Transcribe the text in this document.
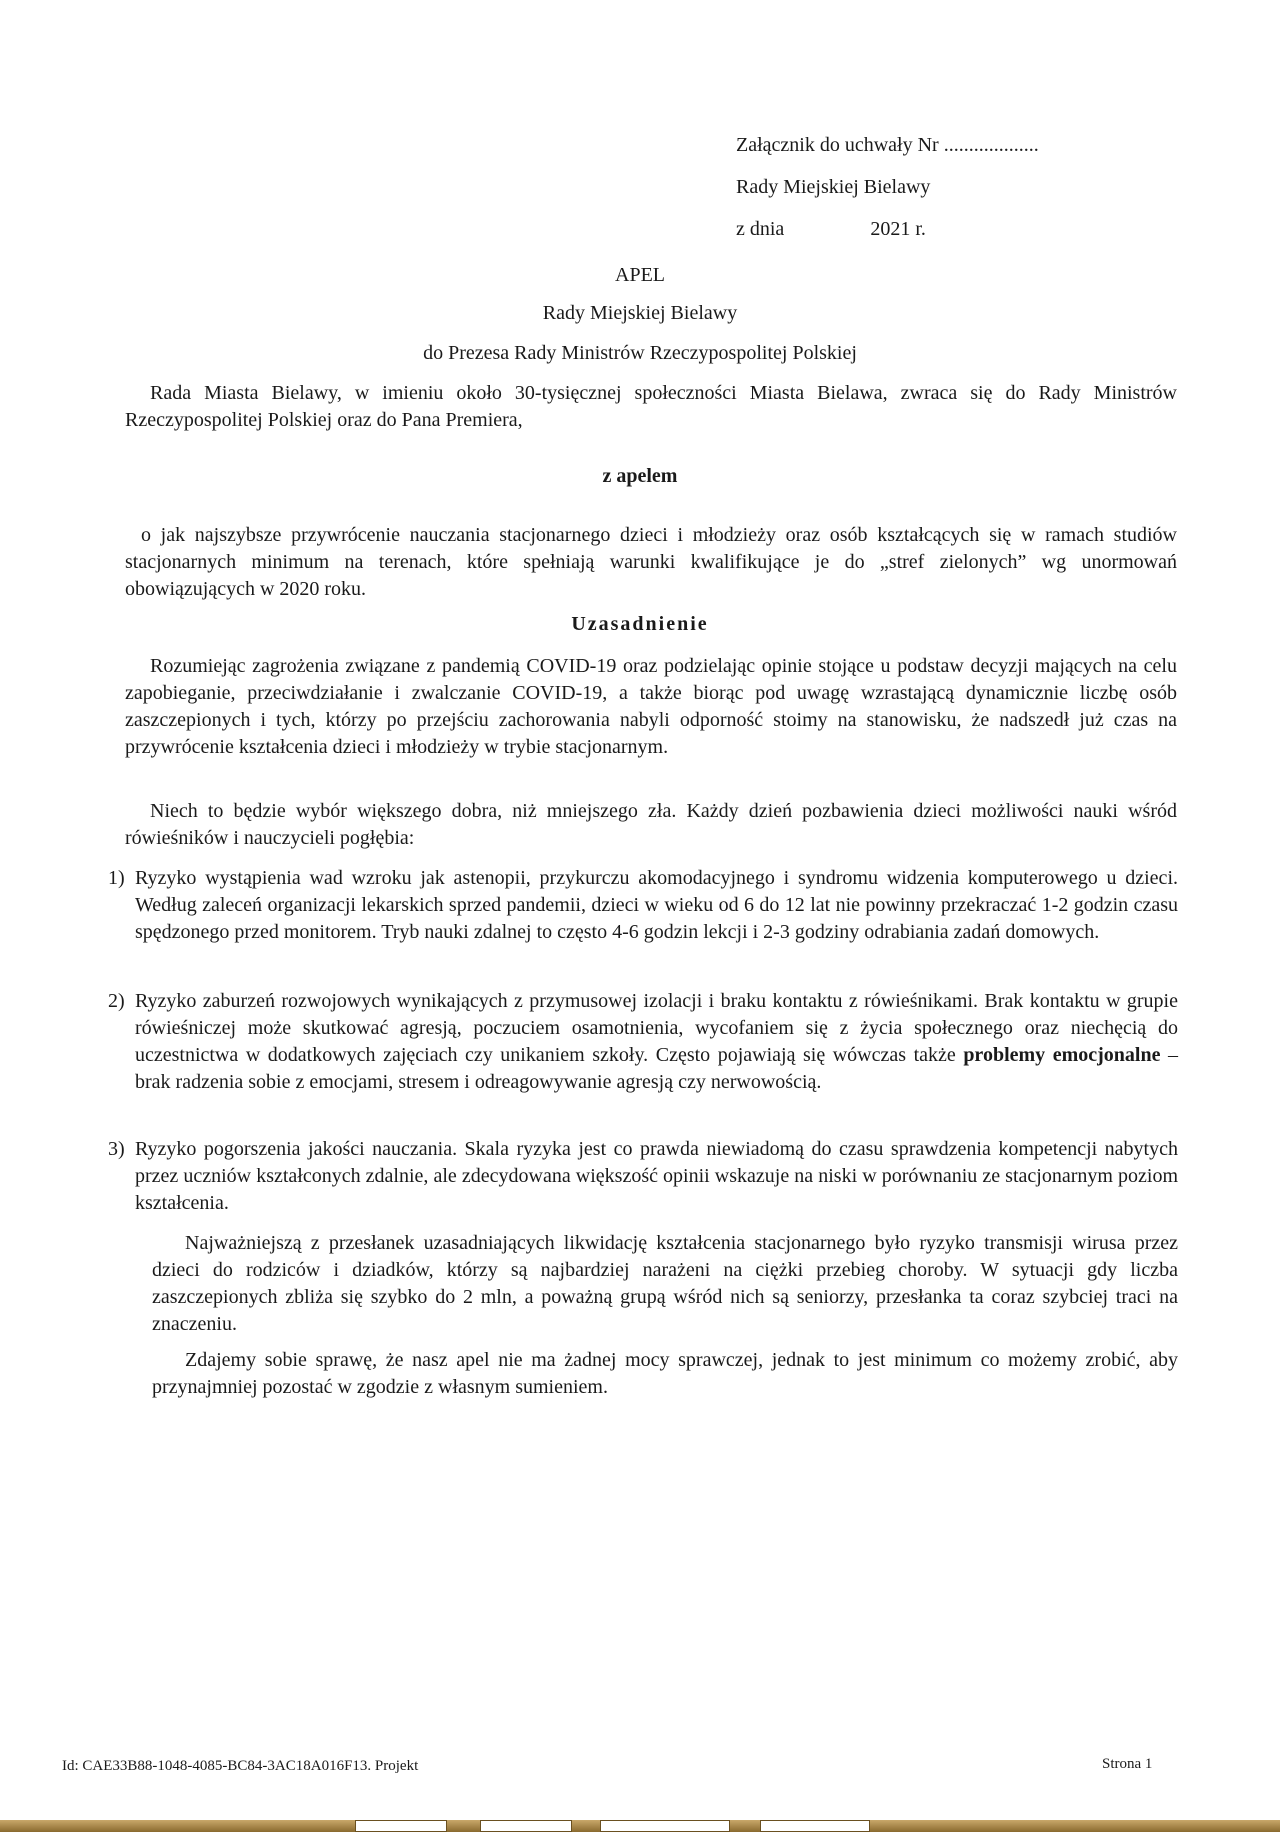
Załącznik do uchwały Nr ...................
Rady Miejskiej Bielawy
z dnia	2021 r.
APEL
Rady Miejskiej Bielawy
do Prezesa Rady Ministrów Rzeczypospolitej Polskiej

Rada Miasta Bielawy, w imieniu około 30-tysięcznej społeczności Miasta Bielawa, zwraca się do Rady Ministrów Rzeczypospolitej Polskiej oraz do Pana Premiera,

z apelem

o jak najszybsze przywrócenie nauczania stacjonarnego dzieci i młodzieży oraz osób kształcących się w ramach studiów stacjonarnych minimum na terenach, które spełniają warunki kwalifikujące je do „stref zielonych” wg unormowań obowiązujących w 2020 roku.

Uzasadnienie

Rozumiejąc zagrożenia związane z pandemią COVID-19 oraz podzielając opinie stojące u podstaw decyzji mających na celu zapobieganie, przeciwdziałanie i zwalczanie COVID-19, a także biorąc pod uwagę wzrastającą dynamicznie liczbę osób zaszczepionych i tych, którzy po przejściu zachorowania nabyli odporność stoimy na stanowisku, że nadszedł już czas na przywrócenie kształcenia dzieci i młodzieży w trybie stacjonarnym.

Niech to będzie wybór większego dobra, niż mniejszego zła. Każdy dzień pozbawienia dzieci możliwości nauki wśród rówieśników i nauczycieli pogłębia:

1) Ryzyko wystąpienia wad wzroku jak astenopii, przykurczu akomodacyjnego i syndromu widzenia komputerowego u dzieci. Według zaleceń organizacji lekarskich sprzed pandemii, dzieci w wieku od 6 do 12 lat nie powinny przekraczać 1-2 godzin czasu spędzonego przed monitorem. Tryb nauki zdalnej to często 4-6 godzin lekcji i 2-3 godziny odrabiania zadań domowych.
2) Ryzyko zaburzeń rozwojowych wynikających z przymusowej izolacji i braku kontaktu z rówieśnikami. Brak kontaktu w grupie rówieśniczej może skutkować agresją, poczuciem osamotnienia, wycofaniem się z życia społecznego oraz niechęcią do uczestnictwa w dodatkowych zajęciach czy unikaniem szkoły. Często pojawiają się wówczas także problemy emocjonalne – brak radzenia sobie z emocjami, stresem i odreagowywanie agresją czy nerwowością.
3) Ryzyko pogorszenia jakości nauczania. Skala ryzyka jest co prawda niewiadomą do czasu sprawdzenia kompetencji nabytych przez uczniów kształconych zdalnie, ale zdecydowana większość opinii wskazuje na niski w porównaniu ze stacjonarnym poziom kształcenia.

Najważniejszą z przesłanek uzasadniających likwidację kształcenia stacjonarnego było ryzyko transmisji wirusa przez dzieci do rodziców i dziadków, którzy są najbardziej narażeni na ciężki przebieg choroby. W sytuacji gdy liczba zaszczepionych zbliża się szybko do 2 mln, a poważną grupą wśród nich są seniorzy, przesłanka ta coraz szybciej traci na znaczeniu.

Zdajemy sobie sprawę, że nasz apel nie ma żadnej mocy sprawczej, jednak to jest minimum co możemy zrobić, aby przynajmniej pozostać w zgodzie z własnym sumieniem.

Id: CAE33B88-1048-4085-BC84-3AC18A016F13. Projekt	Strona 1
